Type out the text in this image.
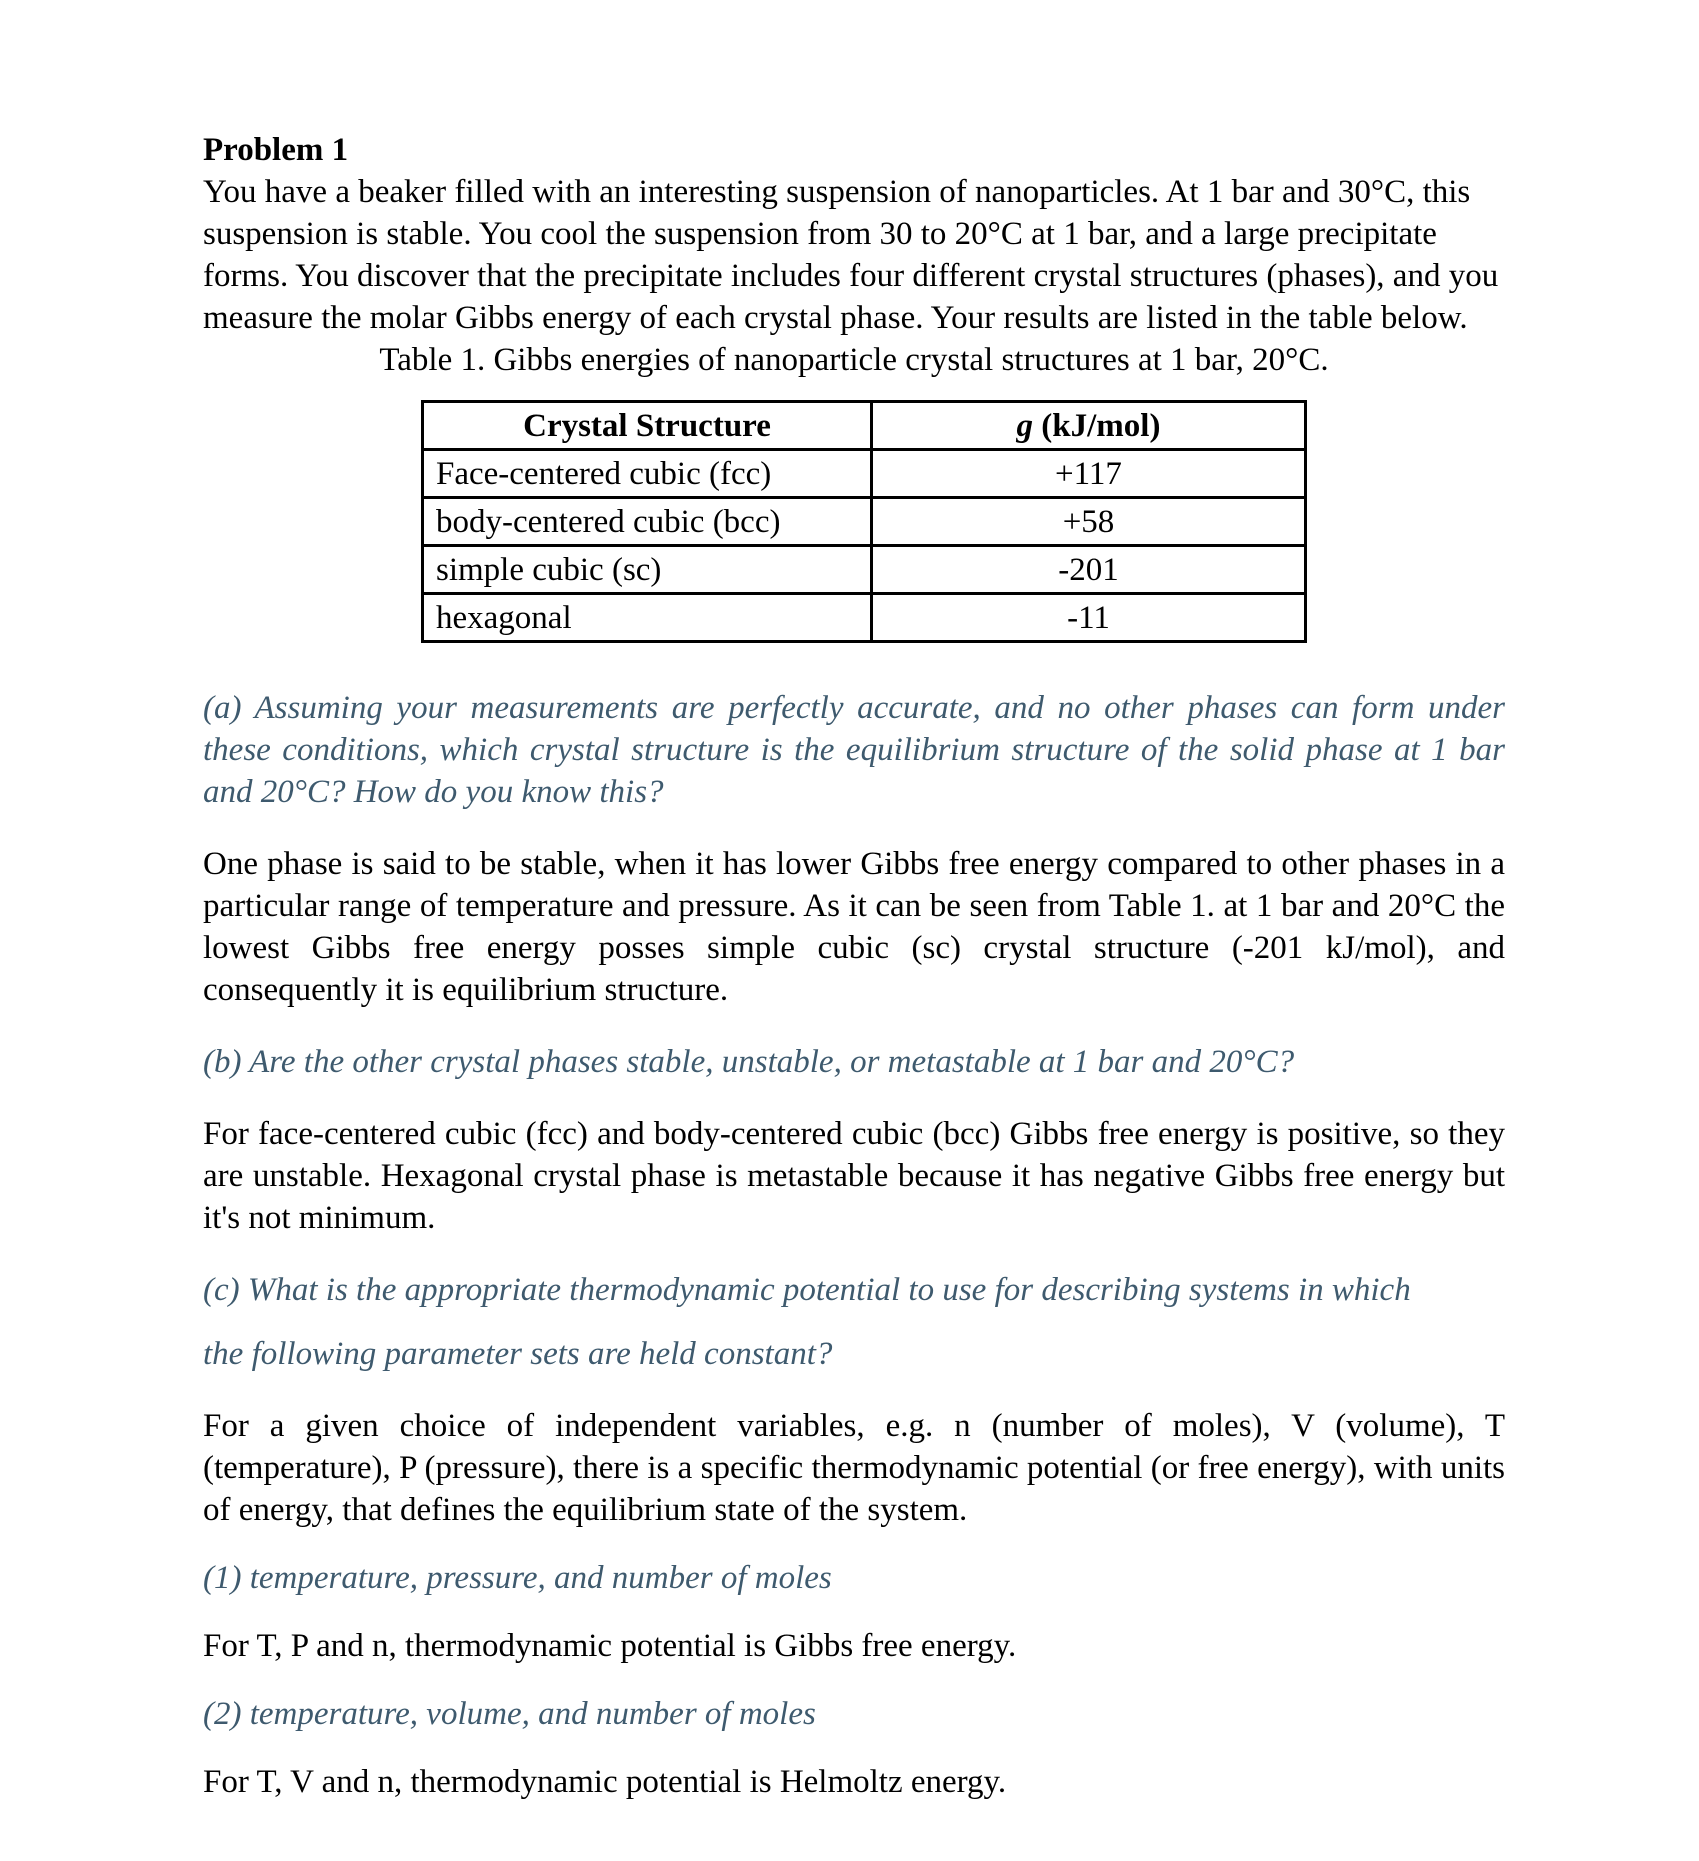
Problem 1

You have a beaker filled with an interesting suspension of nanoparticles. At 1 bar and 30°C, this suspension is stable. You cool the suspension from 30 to 20°C at 1 bar, and a large precipitate forms. You discover that the precipitate includes four different crystal structures (phases), and you measure the molar Gibbs energy of each crystal phase. Your results are listed in the table below.

Table 1. Gibbs energies of nanoparticle crystal structures at 1 bar, 20°C.

Crystal Structure	g (kJ/mol)
Face-centered cubic (fcc)	+117
body-centered cubic (bcc)	+58
simple cubic (sc)	-201
hexagonal	-11

(a) Assuming your measurements are perfectly accurate, and no other phases can form under these conditions, which crystal structure is the equilibrium structure of the solid phase at 1 bar and 20°C? How do you know this?

One phase is said to be stable, when it has lower Gibbs free energy compared to other phases in a particular range of temperature and pressure. As it can be seen from Table 1. at 1 bar and 20°C the lowest Gibbs free energy posses simple cubic (sc) crystal structure (-201 kJ/mol), and consequently it is equilibrium structure.

(b) Are the other crystal phases stable, unstable, or metastable at 1 bar and 20°C?

For face-centered cubic (fcc) and body-centered cubic (bcc) Gibbs free energy is positive, so they are unstable. Hexagonal crystal phase is metastable because it has negative Gibbs free energy but it's not minimum.

(c) What is the appropriate thermodynamic potential to use for describing systems in which

the following parameter sets are held constant?

For a given choice of independent variables, e.g. n (number of moles), V (volume), T (temperature), P (pressure), there is a specific thermodynamic potential (or free energy), with units of energy, that defines the equilibrium state of the system.

(1) temperature, pressure, and number of moles

For T, P and n, thermodynamic potential is Gibbs free energy.

(2) temperature, volume, and number of moles

For T, V and n, thermodynamic potential is Helmoltz energy.
